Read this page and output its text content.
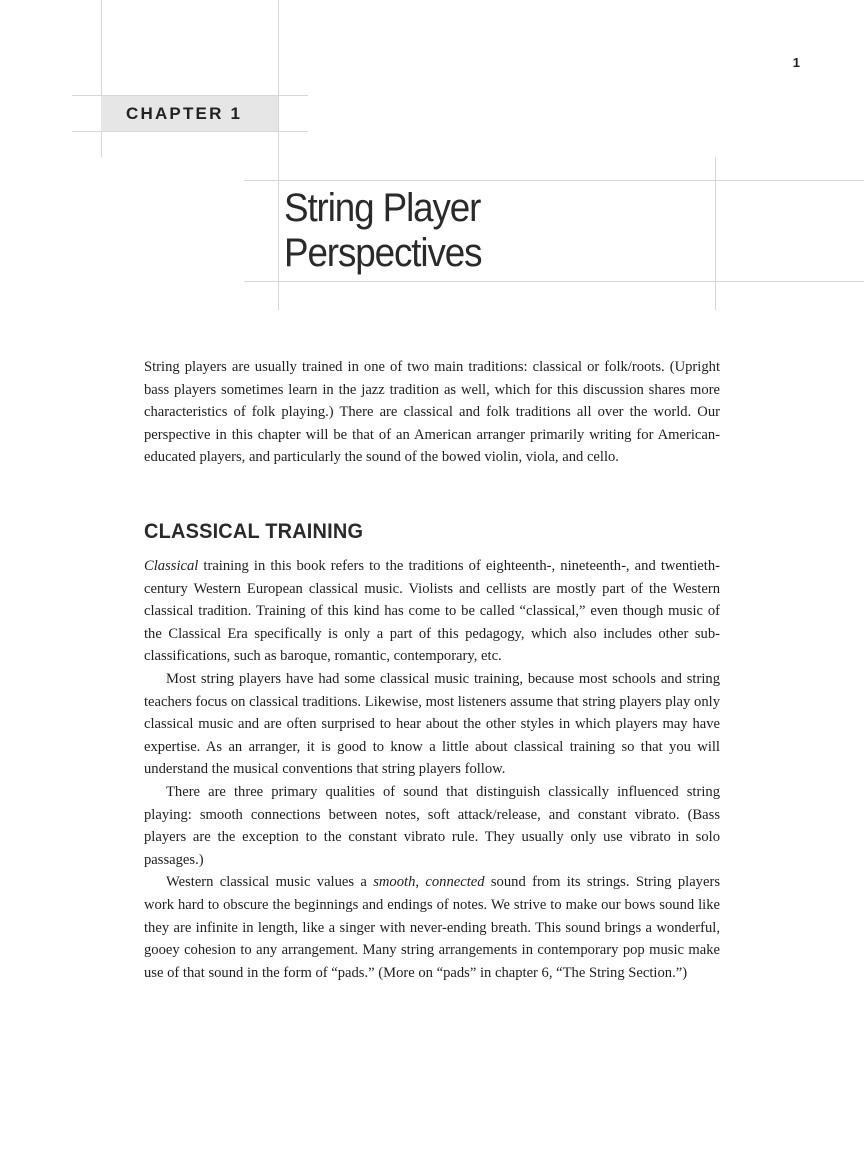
1
CHAPTER 1
String Player
Perspectives

String players are usually trained in one of two main traditions: classical or folk/roots. (Upright bass players sometimes learn in the jazz tradition as well, which for this discussion shares more characteristics of folk playing.) There are classical and folk traditions all over the world. Our perspective in this chapter will be that of an American arranger primarily writing for American-educated players, and particularly the sound of the bowed violin, viola, and cello.

CLASSICAL TRAINING

Classical training in this book refers to the traditions of eighteenth-, nineteenth-, and twentieth-century Western European classical music. Violists and cellists are mostly part of the Western classical tradition. Training of this kind has come to be called “classical,” even though music of the Classical Era specifically is only a part of this pedagogy, which also includes other sub-classifications, such as baroque, romantic, contemporary, etc.

Most string players have had some classical music training, because most schools and string teachers focus on classical traditions. Likewise, most listeners assume that string players play only classical music and are often surprised to hear about the other styles in which players may have expertise. As an arranger, it is good to know a little about classical training so that you will understand the musical conventions that string players follow.

There are three primary qualities of sound that distinguish classically influenced string playing: smooth connections between notes, soft attack/release, and constant vibrato. (Bass players are the exception to the constant vibrato rule. They usually only use vibrato in solo passages.)

Western classical music values a smooth, connected sound from its strings. String players work hard to obscure the beginnings and endings of notes. We strive to make our bows sound like they are infinite in length, like a singer with never-ending breath. This sound brings a wonderful, gooey cohesion to any arrangement. Many string arrangements in contemporary pop music make use of that sound in the form of “pads.” (More on “pads” in chapter 6, “The String Section.”)
